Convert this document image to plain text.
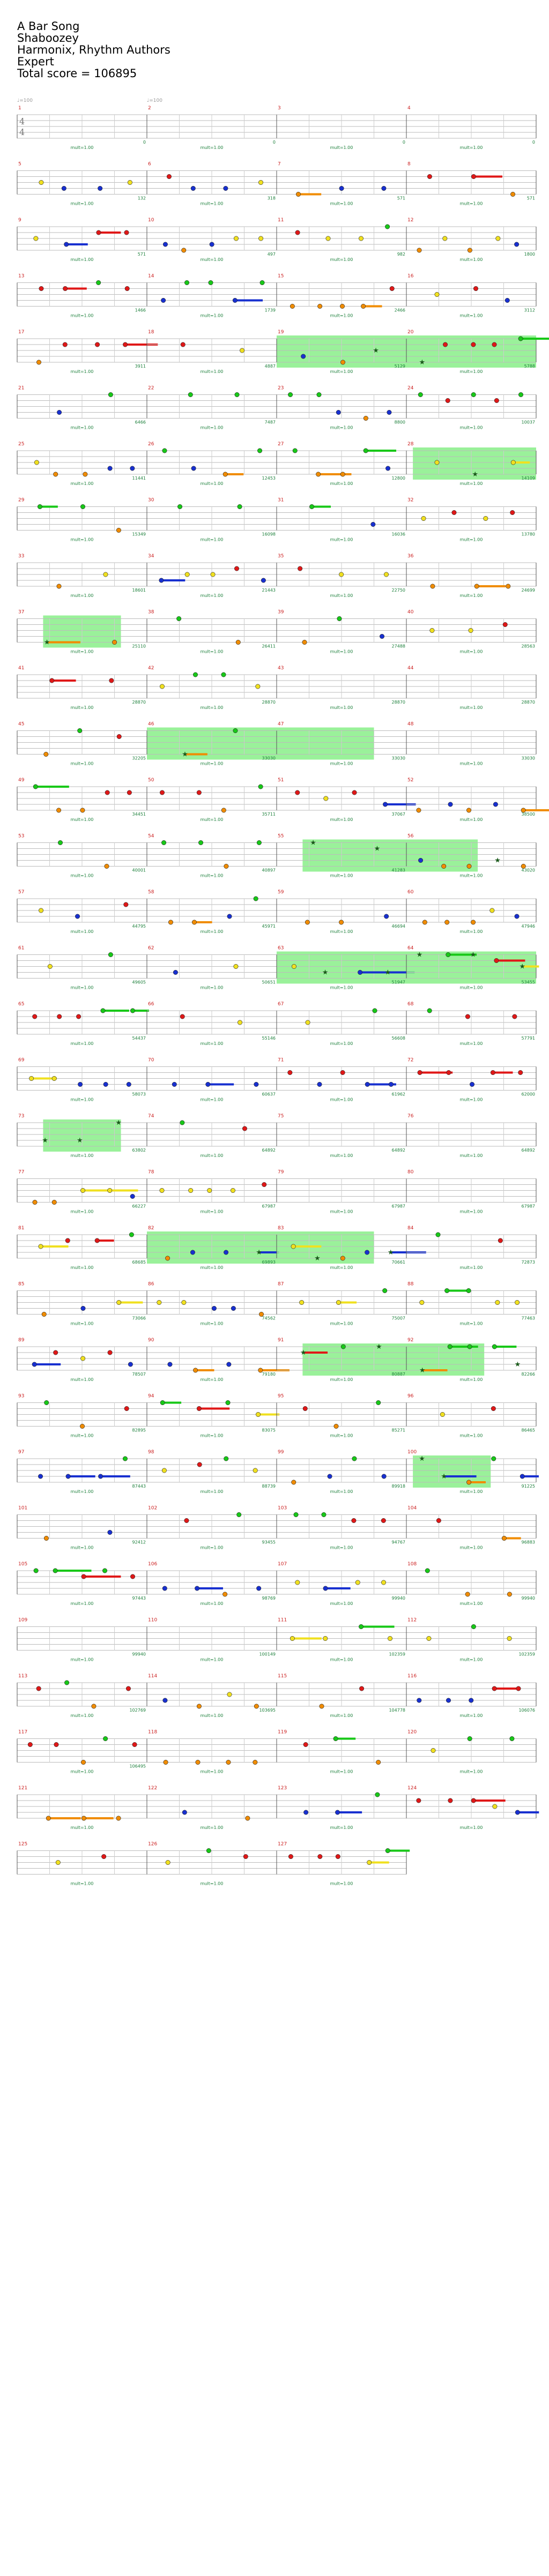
A Bar Song
Shaboozey
Harmonix, Rhythm Authors
Expert
Total score = 106895
1
4
4
♩=100
0
mult=1.00
2
♩=100
0
mult=1.00
3
0
mult=1.00
4
0
mult=1.00
5
132
mult=1.00
6
318
mult=1.00
7
571
mult=1.00
8
571
mult=1.00
9
571
mult=1.00
10
497
mult=1.00
11
982
mult=1.00
12
1800
mult=1.00
13
1466
mult=1.00
14
1739
mult=1.00
15
2466
mult=1.00
16
3112
mult=1.00
17
3911
mult=1.00
18
4887
mult=1.00
19
★
5129
mult=1.00
20
★	5788
mult=1.00
21
6466
mult=1.00
22
7487
mult=1.00
23
8800
mult=1.00
24
10037
mult=1.00
25
11441
mult=1.00
26
12453
mult=1.00
27
12800
mult=1.00
28
★	14109
mult=1.00
29
15349
mult=1.00
30
16098
mult=1.00
31
16036
mult=1.00
32
13780
mult=1.00
33
18601
mult=1.00
34
21443
mult=1.00
35
22750
mult=1.00
36
24699
mult=1.00
37
★	25110
mult=1.00
38
26411
mult=1.00
39
27488
mult=1.00
40
28563
mult=1.00
41
28870
mult=1.00
42
28870
mult=1.00
43
28870
mult=1.00
44
28870
mult=1.00
45
32205
mult=1.00
46
★	33030
mult=1.00
47
33030
mult=1.00
48
33030
mult=1.00
49
34451
mult=1.00
50
35711
mult=1.00
51
37067
mult=1.00
52
38500
mult=1.00
53
40001
mult=1.00
54
40897
mult=1.00
55
★
★
41283
mult=1.00
56
★
43020
mult=1.00
57
44795
mult=1.00
58
45971
mult=1.00
59
46694
mult=1.00
60
47946
mult=1.00
61
49605
mult=1.00
62
50651
mult=1.00
63
★	★
51947
mult=1.00
64
★	★
★
53455
mult=1.00
65
54437
mult=1.00
66
55146
mult=1.00
67
56608
mult=1.00
68
57791
mult=1.00
69
58073
mult=1.00
70
60637
mult=1.00
71
61962
mult=1.00
72
62000
mult=1.00
73
★	★
★
63802
mult=1.00
74
64892
mult=1.00
75
64892
mult=1.00
76
64892
mult=1.00
77
66227
mult=1.00
78
67987
mult=1.00
79
67987
mult=1.00
80
67987
mult=1.00
81
68685
mult=1.00
82
★
69893
mult=1.00
83
★
★
70661
mult=1.00
84
72873
mult=1.00
85
73066
mult=1.00
86
74562
mult=1.00
87
75007
mult=1.00
88
77463
mult=1.00
89
78507
mult=1.00
90
79180
mult=1.00
91
★
★
80887
mult=1.00
92
★
★
82266
mult=1.00
93
82895
mult=1.00
94
83075
mult=1.00
95
85271
mult=1.00
96
86465
mult=1.00
97
87443
mult=1.00
98
88739
mult=1.00
99
89918
mult=1.00
100
★
★
91225
mult=1.00
101
92412
mult=1.00
102
93455
mult=1.00
103
94767
mult=1.00
104
96883
mult=1.00
105
97443
mult=1.00
106
98769
mult=1.00
107
99940
mult=1.00
108
99940
mult=1.00
109
99940
mult=1.00
110
100149
mult=1.00
111
102359
mult=1.00
112
102359
mult=1.00
113
102769
mult=1.00
114
103695
mult=1.00
115
104778
mult=1.00
116
106076
mult=1.00
117
106495
mult=1.00
118
mult=1.00
119
mult=1.00
120
mult=1.00
121
mult=1.00
122
mult=1.00
123
mult=1.00
124
mult=1.00
125
mult=1.00
126
mult=1.00
127
mult=1.00
